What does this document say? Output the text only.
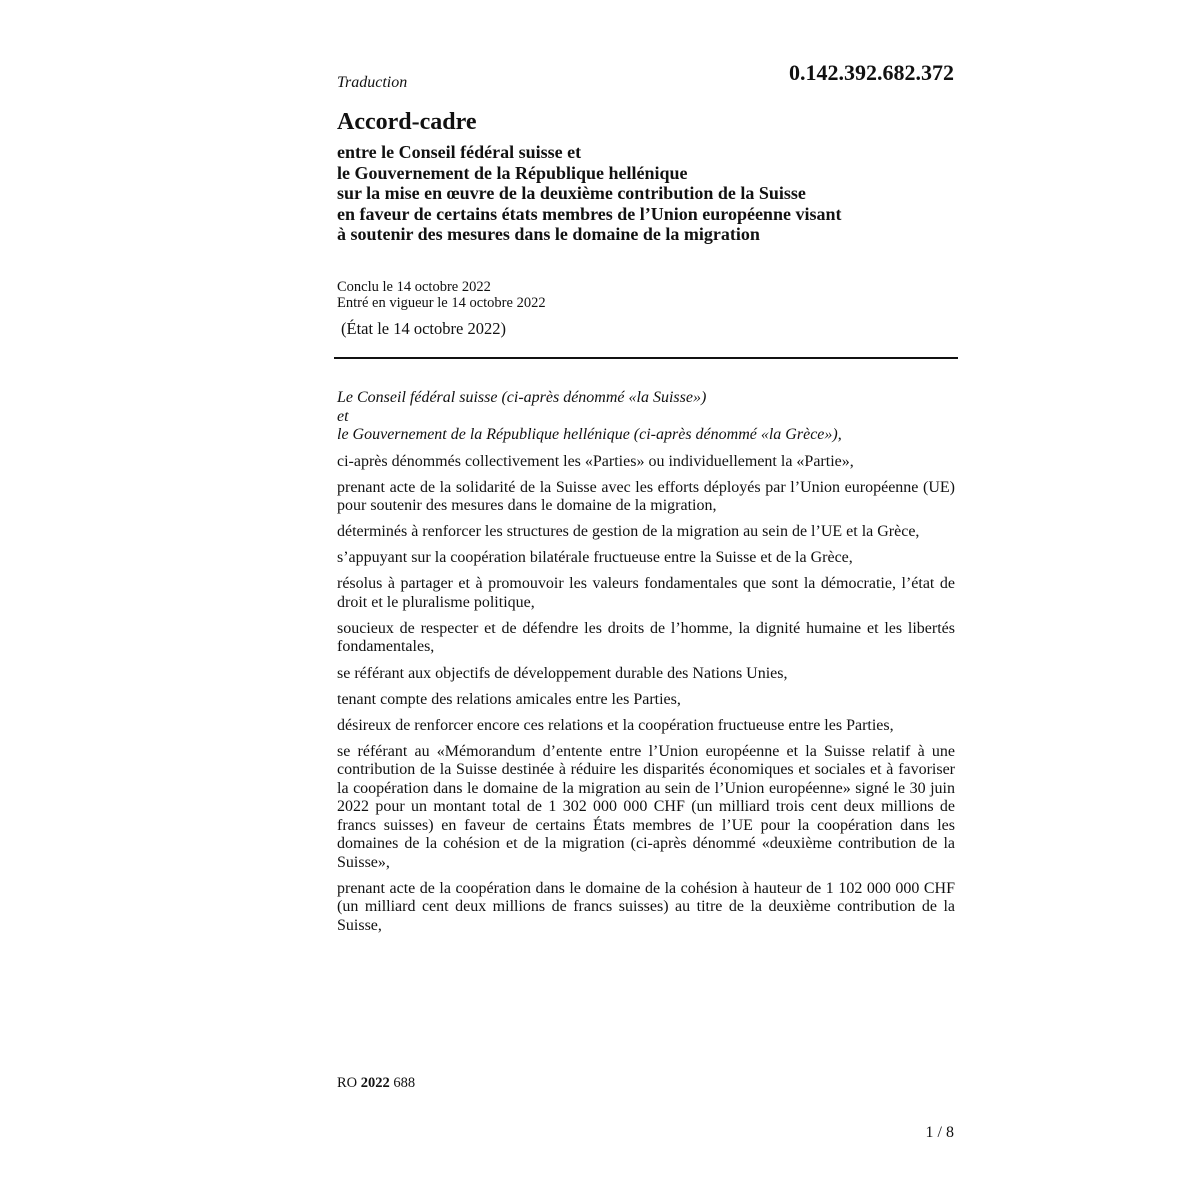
Traduction	0.142.392.682.372
Accord-cadre
entre le Conseil fédéral suisse et
le Gouvernement de la République hellénique
sur la mise en œuvre de la deuxième contribution de la Suisse
en faveur de certains états membres de l’Union européenne visant
à soutenir des mesures dans le domaine de la migration
Conclu le 14 octobre 2022
Entré en vigueur le 14 octobre 2022
(État le 14 octobre 2022)
Le Conseil fédéral suisse (ci-après dénommé «la Suisse»)
et
le Gouvernement de la République hellénique (ci-après dénommé «la Grèce»),

ci-après dénommés collectivement les «Parties» ou individuellement la «Partie»,

prenant acte de la solidarité de la Suisse avec les efforts déployés par l’Union européenne (UE) pour soutenir des mesures dans le domaine de la migration,

déterminés à renforcer les structures de gestion de la migration au sein de l’UE et la Grèce,

s’appuyant sur la coopération bilatérale fructueuse entre la Suisse et de la Grèce,

résolus à partager et à promouvoir les valeurs fondamentales que sont la démocratie, l’état de droit et le pluralisme politique,

soucieux de respecter et de défendre les droits de l’homme, la dignité humaine et les libertés fondamentales,

se référant aux objectifs de développement durable des Nations Unies,

tenant compte des relations amicales entre les Parties,

désireux de renforcer encore ces relations et la coopération fructueuse entre les Parties,

se référant au «Mémorandum d’entente entre l’Union européenne et la Suisse relatif à une contribution de la Suisse destinée à réduire les disparités économiques et sociales et à favoriser la coopération dans le domaine de la migration au sein de l’Union européenne» signé le 30 juin 2022 pour un montant total de 1 302 000 000 CHF (un milliard trois cent deux millions de francs suisses) en faveur de certains États membres de l’UE pour la coopération dans les domaines de la cohésion et de la migration (ci-après dénommé «deuxième contribution de la Suisse»,

prenant acte de la coopération dans le domaine de la cohésion à hauteur de 1 102 000 000 CHF (un milliard cent deux millions de francs suisses) au titre de la deuxième contribution de la Suisse,

RO 2022 688
1 / 8
